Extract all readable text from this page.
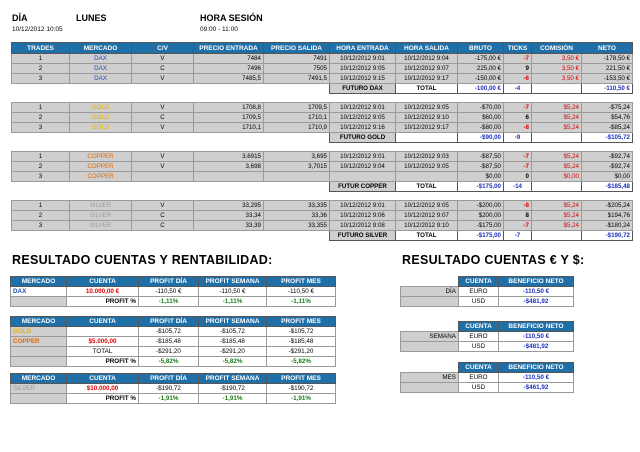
DÍA	LUNES
10/12/2012 10:05
HORA SESIÓN
09:00 - 11:00
TRADES	MERCADO	C/V	PRECIO ENTRADA	PRECIO SALIDA	HORA ENTRADA	HORA SALIDA	BRUTO	TICKS	COMISIÓN	NETO
1	DAX	V	7484	7491	10/12/2012 9:01	10/12/2012 9:04	-175,00 €	-7	3,50 €	-178,50 €
2	DAX	C	7496	7505	10/12/2012 9:05	10/12/2012 9:07	225,00 €	9	3,50 €	221,50 €
3	DAX	V	7485,5	7491,5	10/12/2012 9:15	10/12/2012 9:17	-150,00 €	-6	3,50 €	-153,50 €
					FUTURO DAX	TOTAL	-100,00 €	-4		-110,50 €

1	GOLD	V	1708,8	1709,5	10/12/2012 9:01	10/12/2012 9:05	-$70,00	-7	$5,24	-$75,24
2	GOLD	C	1709,5	1710,1	10/12/2012 9:05	10/12/2012 9:10	$60,00	6	$5,24	$54,76
3	GOLD	V	1710,1	1710,9	10/12/2012 9:16	10/12/2012 9:17	-$80,00	-8	$5,24	-$85,24
					FUTURO GOLD		-$90,00	-9		-$105,72

1	COPPER	V	3,6915	3,695	10/12/2012 9:01	10/12/2012 9:03	-$87,50	-7	$5,24	-$92,74
2	COPPER	V	3,698	3,7015	10/12/2012 9:04	10/12/2012 9:05	-$87,50	-7	$5,24	-$92,74
3	COPPER						$0,00	0	$0,00	$0,00
					FUTUR COPPER	TOTAL	-$175,00	-14		-$185,48

1	SILVER	V	33,295	33,335	10/12/2012 9:01	10/12/2012 9:05	-$200,00	-8	$5,24	-$205,24
2	SILVER	C	33,34	33,36	10/12/2012 9:06	10/12/2012 9:07	$200,00	8	$5,24	$194,76
3	SILVER	C	33,39	33,355	10/12/2012 9:08	10/12/2012 9:10	-$175,00	-7	$5,24	-$180,24
					FUTURO SILVER	TOTAL	-$175,00	-7		-$190,72
RESULTADO CUENTAS Y RENTABILIDAD:
MERCADO	CUENTA	PROFIT DÍA	PROFIT SEMANA	PROFIT MES
DAX	10.000,00 €	-110,50 €	-110,50 €	-110,50 €
	PROFIT %	-1,11%	-1,11%	-1,11%
MERCADO	CUENTA	PROFIT DÍA	PROFIT SEMANA	PROFIT MES
GOLD		-$105,72	-$105,72	-$105,72
COPPER	$5.000,00	-$185,48	-$185,48	-$185,48
	TOTAL	-$291,20	-$291,20	-$291,20
	PROFIT %	-5,82%	-5,82%	-5,82%
MERCADO	CUENTA	PROFIT DÍA	PROFIT SEMANA	PROFIT MES
SILVER	$10.000,00	-$190,72	-$190,72	-$190,72
	PROFIT %	-1,91%	-1,91%	-1,91%
RESULTADO CUENTAS € Y $:
	CUENTA	BENEFICIO NETO
DÍA	EURO	-110,50 €
	USD	-$481,92
	CUENTA	BENEFICIO NETO
SEMANA	EURO	-110,50 €
	USD	-$481,92
	CUENTA	BENEFICIO NETO
MES	EURO	-110,50 €
	USD	-$461,92
